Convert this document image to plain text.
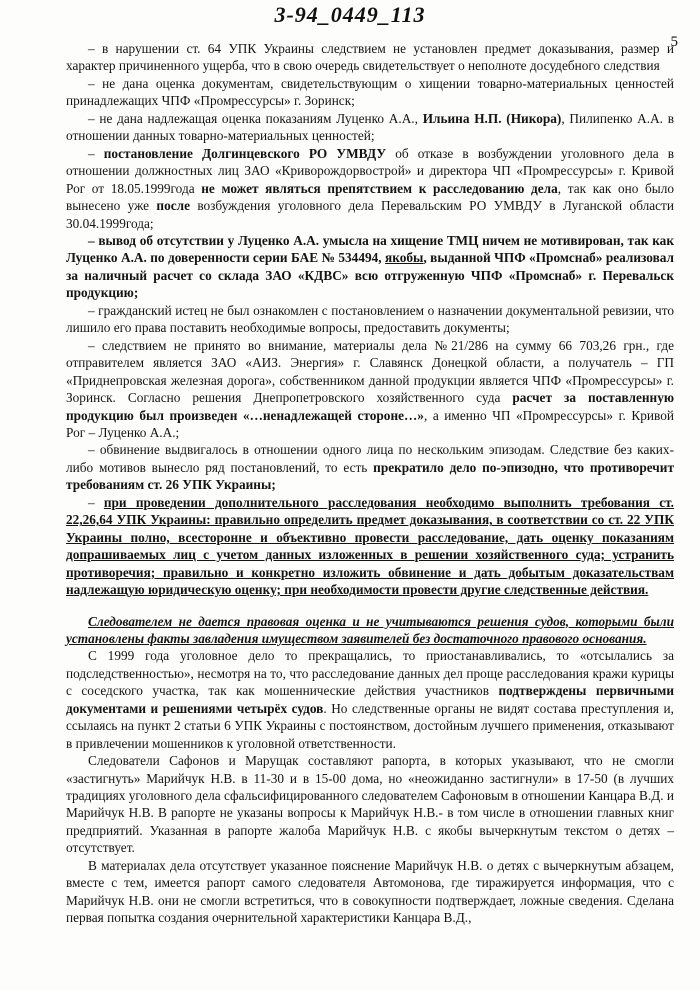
3-94_0449_113
5

– в нарушении ст. 64 УПК Украины следствием не установлен предмет доказывания, размер и характер причиненного ущерба, что в свою очередь свидетельствует о неполноте досудебного следствия

– не дана оценка документам, свидетельствующим о хищении товарно-материальных ценностей принадлежащих ЧПФ «Промрессурсы» г. Зоринск;

– не дана надлежащая оценка показаниям Луценко А.А., Ильина Н.П. (Никора), Пилипенко А.А. в отношении данных товарно-материальных ценностей;

– постановление Долгинцевского РО УМВДУ об отказе в возбуждении уголовного дела в отношении должностных лиц ЗАО «Криворождорвострой» и директора ЧП «Промрессурсы» г. Кривой Рог от 18.05.1999года не может являться препятствием к расследованию дела, так как оно было вынесено уже после возбуждения уголовного дела Перевальским РО УМВДУ в Луганской области 30.04.1999года;

– вывод об отсутствии у Луценко А.А. умысла на хищение ТМЦ ничем не мотивирован, так как Луценко А.А. по доверенности серии БАЕ № 534494, якобы, выданной ЧПФ «Промснаб» реализовал за наличный расчет со склада ЗАО «КДВС» всю отгруженную ЧПФ «Промснаб» г. Перевальск продукцию;

– гражданский истец не был ознакомлен с постановлением о назначении документальной ревизии, что лишило его права поставить необходимые вопросы, предоставить документы;

– следствием не принято во внимание, материалы дела №21/286 на сумму 66 703,26 грн., где отправителем является ЗАО «АИЗ. Энергия» г. Славянск Донецкой области, а получатель – ГП «Приднепровская железная дорога», собственником данной продукции является ЧПФ «Промрессурсы» г. Зоринск. Согласно решения Днепропетровского хозяйственного суда расчет за поставленную продукцию был произведен «…ненадлежащей стороне…», а именно ЧП «Промрессурсы» г. Кривой Рог – Луценко А.А.;

– обвинение выдвигалось в отношении одного лица по нескольким эпизодам. Следствие без каких-либо мотивов вынесло ряд постановлений, то есть прекратило дело по-эпизодно, что противоречит требованиям ст. 26 УПК Украины;

– при проведении дополнительного расследования необходимо выполнить требования ст. 22,26,64 УПК Украины: правильно определить предмет доказывания, в соответствии со ст. 22 УПК Украины полно, всесторонне и объективно провести расследование, дать оценку показаниям допрашиваемых лиц с учетом данных изложенных в решении хозяйственного суда; устранить противоречия; правильно и конкретно изложить обвинение и дать добытым доказательствам надлежащую юридическую оценку; при необходимости провести другие следственные действия.

Следователем не дается правовая оценка и не учитываются решения судов, которыми были установлены факты завладения имуществом заявителей без достаточного правового основания.

С 1999 года уголовное дело то прекращались, то приостанавливались, то «отсылались за подследственностью», несмотря на то, что расследование данных дел проще расследования кражи курицы с соседского участка, так как мошеннические действия участников подтверждены первичными документами и решениями четырёх судов. Но следственные органы не видят состава преступления и, ссылаясь на пункт 2 статьи 6 УПК Украины с постоянством, достойным лучшего применения, отказывают в привлечении мошенников к уголовной ответственности.

Следователи Сафонов и Марущак составляют рапорта, в которых указывают, что не смогли «застигнуть» Марийчук Н.В. в 11-30 и в 15-00 дома, но «неожиданно застигнули» в 17-50 (в лучших традициях уголовного дела сфальсифицированного следователем Сафоновым в отношении Канцара В.Д. и Марийчук Н.В. В рапорте не указаны вопросы к Марийчук Н.В.- в том числе в отношении главных книг предприятий. Указанная в рапорте жалоба Марийчук Н.В. с якобы вычеркнутым текстом о детях – отсутствует.

В материалах дела отсутствует указанное пояснение Марийчук Н.В. о детях с вычеркнутым абзацем, вместе с тем, имеется рапорт самого следователя Автомонова, где тиражируется информация, что с Марийчук Н.В. они не смогли встретиться, что в совокупности подтверждает, ложные сведения. Сделана первая попытка создания очернительной характеристики Канцара В.Д.,
